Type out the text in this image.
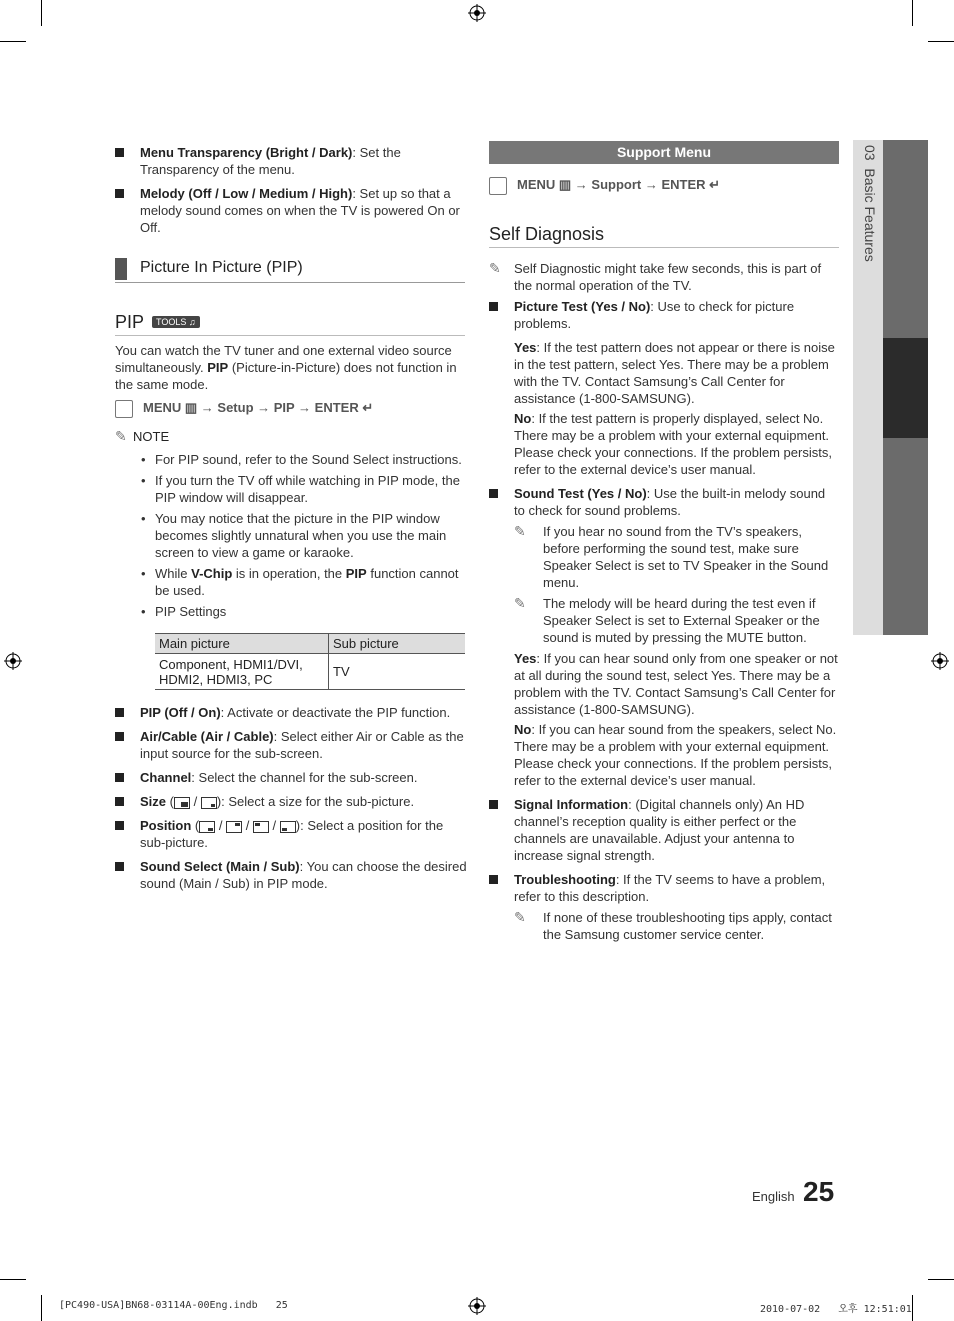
03  Basic Features
Menu Transparency (Bright / Dark): Set the Transparency of the menu.
Melody (Off / Low / Medium / High): Set up so that a melody sound comes on when the TV is powered On or Off.
Picture In Picture (PIP)
PIP	TOOLS ♫
You can watch the TV tuner and one external video source simultaneously. PIP (Picture-in-Picture) does not function in the same mode.
MENU ▥ → Setup → PIP → ENTER ↵
✎ NOTE
• For PIP sound, refer to the Sound Select instructions.
• If you turn the TV off while watching in PIP mode, the PIP window will disappear.
• You may notice that the picture in the PIP window becomes slightly unnatural when you use the main screen to view a game or karaoke.
• While V-Chip is in operation, the PIP function cannot be used.
• PIP Settings
Main picture	Sub picture
Component, HDMI1/DVI, HDMI2, HDMI3, PC	TV
PIP (Off / On): Activate or deactivate the PIP function.
Air/Cable (Air / Cable): Select either Air or Cable as the input source for the sub-screen.
Channel: Select the channel for the sub-screen.
Size (
/
): Select a size for the sub-picture.
Position (
/
/
/
): Select a position for the sub-picture.
Sound Select (Main / Sub): You can choose the desired sound (Main / Sub) in PIP mode.
Support Menu
MENU ▥ → Support → ENTER ↵
Self Diagnosis
✎	Self Diagnostic might take few seconds, this is part of the normal operation of the TV.
Picture Test (Yes / No): Use to check for picture problems.
Yes: If the test pattern does not appear or there is noise in the test pattern, select Yes. There may be a problem with the TV. Contact Samsung’s Call Center for assistance (1-800-SAMSUNG).
No: If the test pattern is properly displayed, select No. There may be a problem with your external equipment. Please check your connections. If the problem persists, refer to the external device’s user manual.
Sound Test (Yes / No): Use the built-in melody sound to check for sound problems.
✎	If you hear no sound from the TV’s speakers, before performing the sound test, make sure Speaker Select is set to TV Speaker in the Sound menu.
✎	The melody will be heard during the test even if Speaker Select is set to External Speaker or the sound is muted by pressing the MUTE button.
Yes: If you can hear sound only from one speaker or not at all during the sound test, select Yes. There may be a problem with the TV. Contact Samsung’s Call Center for assistance (1-800-SAMSUNG).
No: If you can hear sound from the speakers, select No. There may be a problem with your external equipment. Please check your connections. If the problem persists, refer to the external device’s user manual.
Signal Information: (Digital channels only) An HD channel’s reception quality is either perfect or the channels are unavailable. Adjust your antenna to increase signal strength.
Troubleshooting: If the TV seems to have a problem, refer to this description.
✎	If none of these troubleshooting tips apply, contact the Samsung customer service center.
English 25
[PC490-USA]BN68-03114A-00Eng.indb   25	2010-07-02   오후 12:51:01
